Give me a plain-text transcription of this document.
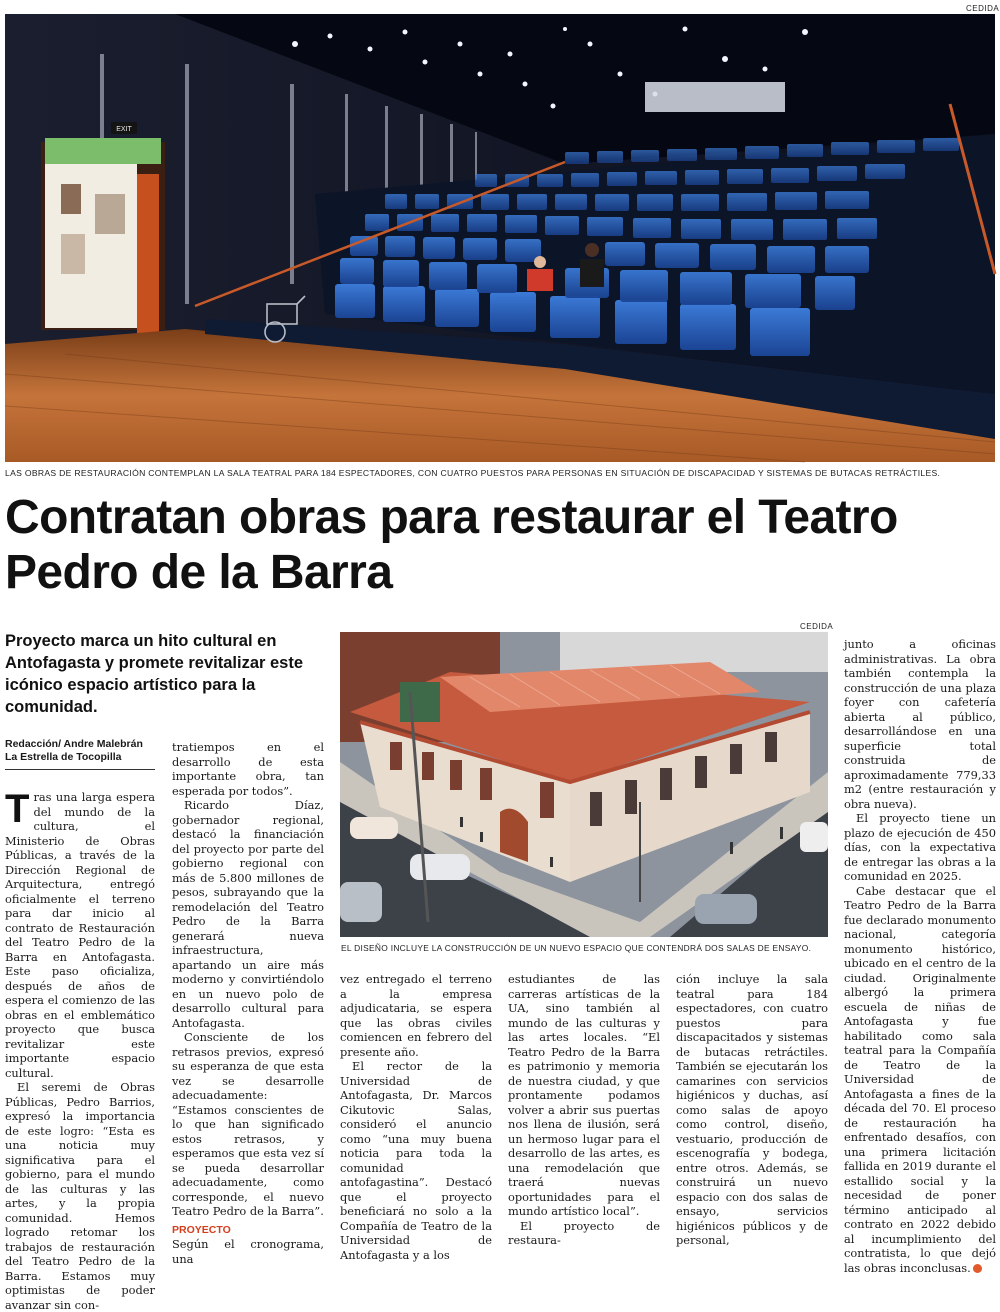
CEDIDA
EXIT
LAS OBRAS DE RESTAURACIÓN CONTEMPLAN LA SALA TEATRAL PARA 184 ESPECTADORES, CON CUATRO PUESTOS PARA PERSONAS EN SITUACIÓN DE DISCAPACIDAD Y SISTEMAS DE BUTACAS RETRÁCTILES.
Contratan obras para restaurar el Teatro Pedro de la Barra
Proyecto marca un hito cultural en Antofagasta y promete revitalizar este icónico espacio artístico para la comunidad.
Redacción/ Andre Malebrán
La Estrella de Tocopilla

Tras una larga espera del mundo de la cultura, el Ministerio de Obras Públicas, a través de la Dirección Regional de Arquitectura, entregó oficialmente el terreno para dar inicio al contrato de Restauración del Teatro Pedro de la Barra en Antofagasta. Este paso oficializa, después de años de espera el comienzo de las obras en el emblemático proyecto que busca revitalizar este importante espacio cultural.

El seremi de Obras Públicas, Pedro Barrios, expresó la importancia de este logro: “Esta es una noticia muy significativa para el gobierno, para el mundo de las culturas y las artes, y la propia comunidad. Hemos logrado retomar los trabajos de restauración del Teatro Pedro de la Barra. Estamos muy optimistas de poder avanzar sin con-

tratiempos en el desarrollo de esta importante obra, tan esperada por todos”.

Ricardo Díaz, gobernador regional, destacó la financiación del proyecto por parte del gobierno regional con más de 5.800 millones de pesos, subrayando que la remodelación del Teatro Pedro de la Barra generará nueva infraestructura, apartando un aire más moderno y convirtiéndolo en un nuevo polo de desarrollo cultural para Antofagasta.

Consciente de los retrasos previos, expresó su esperanza de que esta vez se desarrolle adecuadamente: “Estamos conscientes de lo que han significado estos retrasos, y esperamos que esta vez sí se pueda desarrollar adecuadamente, como corresponde, el nuevo Teatro Pedro de la Barra”.

PROYECTO

Según el cronograma, una

CEDIDA
EL DISEÑO INCLUYE LA CONSTRUCCIÓN DE UN NUEVO ESPACIO QUE CONTENDRÁ DOS SALAS DE ENSAYO.

vez entregado el terreno a la empresa adjudicataria, se espera que las obras civiles comiencen en febrero del presente año.

El rector de la Universidad de Antofagasta, Dr. Marcos Cikutovic Salas, consideró el anuncio como “una muy buena noticia para toda la comunidad antofagastina”. Destacó que el proyecto beneficiará no solo a la Compañía de Teatro de la Universidad de Antofagasta y a los

estudiantes de las carreras artísticas de la UA, sino también al mundo de las culturas y las artes locales. “El Teatro Pedro de la Barra es patrimonio y memoria de nuestra ciudad, y que prontamente podamos volver a abrir sus puertas nos llena de ilusión, será un hermoso lugar para el desarrollo de las artes, es una remodelación que traerá nuevas oportunidades para el mundo artístico local”.

El proyecto de restaura-

ción incluye la sala teatral para 184 espectadores, con cuatro puestos para discapacitados y sistemas de butacas retráctiles. También se ejecutarán los camarines con servicios higiénicos y duchas, así como salas de apoyo como control, diseño, vestuario, producción de escenografía y bodega, entre otros. Además, se construirá un nuevo espacio con dos salas de ensayo, servicios higiénicos públicos y de personal,

junto a oficinas administrativas. La obra también contempla la construcción de una plaza foyer con cafetería abierta al público, desarrollándose en una superficie total construida de aproximadamente 779,33 m2 (entre restauración y obra nueva).

El proyecto tiene un plazo de ejecución de 450 días, con la expectativa de entregar las obras a la comunidad en 2025.

Cabe destacar que el Teatro Pedro de la Barra fue declarado monumento nacional, categoría monumento histórico, ubicado en el centro de la ciudad. Originalmente albergó la primera escuela de niñas de Antofagasta y fue habilitado como sala teatral para la Compañía de Teatro de la Universidad de Antofagasta a fines de la década del 70. El proceso de restauración ha enfrentado desafíos, con una primera licitación fallida en 2019 durante el estallido social y la necesidad de poner término anticipado al contrato en 2022 debido al incumplimiento del contratista, lo que dejó las obras inconclusas.
